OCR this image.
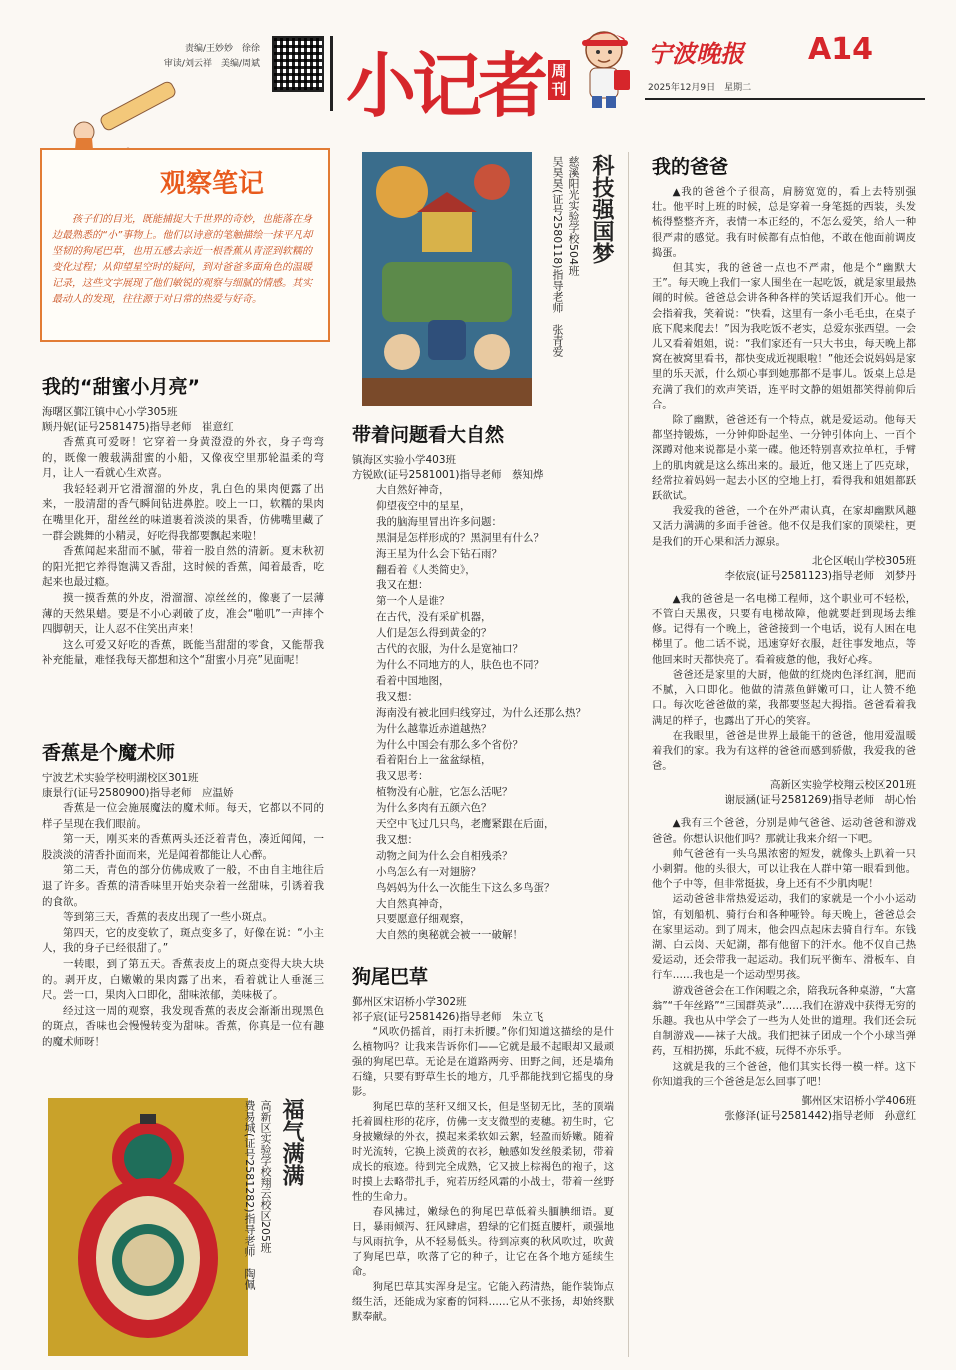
责编/王妙妙　徐徐
审读/刘云祥　美编/周斌 小记者 周刊
宁波晚报 A14
2025年12月9日　星期二
观察笔记
孩子们的目光，既能捕捉大千世界的奇妙，也能落在身边最熟悉的“小”事物上。他们以诗意的笔触描绘一抹平凡却坚韧的狗尾巴草，也用五感去亲近一根香蕉从青涩到软糯的变化过程；从仰望星空时的疑问，到对爸爸多面角色的温暖记录，这些文字展现了他们敏锐的观察与细腻的情感。其实最动人的发现，往往源于对日常的热爱与好奇。
我的“甜蜜小月亮”
海曙区鄞江镇中心小学305班
顾丹妮(证号2581475)指导老师　崔意红

香蕉真可爱呀！它穿着一身黄澄澄的外衣，身子弯弯的，既像一艘载满甜蜜的小船，又像夜空里那轮温柔的弯月，让人一看就心生欢喜。

我轻轻剥开它滑溜溜的外皮，乳白色的果肉便露了出来，一股清甜的香气瞬间钻进鼻腔。咬上一口，软糯的果肉在嘴里化开，甜丝丝的味道裹着淡淡的果香，仿佛嘴里藏了一群会跳舞的小精灵，好吃得我都要飘起来啦！

香蕉闻起来甜而不腻，带着一股自然的清新。夏末秋初的阳光把它养得饱满又香甜，这时候的香蕉，闻着最香，吃起来也最过瘾。

摸一摸香蕉的外皮，滑溜溜、凉丝丝的，像裹了一层薄薄的天然果蜡。要是不小心剥破了皮，准会“啪叽”一声摔个四脚朝天，让人忍不住笑出声来！

这么可爱又好吃的香蕉，既能当甜甜的零食，又能帮我补充能量，难怪我每天都想和这个“甜蜜小月亮”见面呢！

香蕉是个魔术师
宁波艺术实验学校明湖校区301班
康景行(证号2580900)指导老师　应温娇

香蕉是一位会施展魔法的魔术师。每天，它都以不同的样子呈现在我们眼前。

第一天，刚买来的香蕉两头还泛着青色，凑近闻闻，一股淡淡的清香扑面而来，光是闻着都能让人心醉。

第二天，青色的部分仿佛成败了一般，不由自主地往后退了许多。香蕉的清香味里开始夹杂着一丝甜味，引诱着我的食欲。

等到第三天，香蕉的表皮出现了一些小斑点。

第四天，它的皮变软了，斑点变多了，好像在说：“小主人，我的身子已经很甜了。”

一转眼，到了第五天。香蕉表皮上的斑点变得大块大块的。剥开皮，白嫩嫩的果肉露了出来，看着就让人垂涎三尺。尝一口，果肉入口即化，甜味浓郁，美味极了。

经过这一周的观察，我发现香蕉的表皮会渐渐出现黑色的斑点，香味也会慢慢转变为甜味。香蕉，你真是一位有趣的魔术师呀！

福气满满
高新区实验学校翔云校区205班
费易城(证号2581282)指导老师　陶佩
科技强国梦
慈溪阳光实验学校504班
吴昊昊(证号2580118)指导老师　张青爱
带着问题看大自然
镇海区实验小学403班
方锐欧(证号2581001)指导老师　蔡知烨
大自然好神奇，
仰望夜空中的星星，
我的脑海里冒出许多问题：
黑洞是怎样形成的？黑洞里有什么？
海王星为什么会下钻石雨？
翻看着《人类简史》，
我又在想：
第一个人是谁？
在古代，没有采矿机器，
人们是怎么得到黄金的？
古代的衣服，为什么是宽袖口？
为什么不同地方的人，肤色也不同？
看着中国地图，
我又想：
海南没有被北回归线穿过，为什么还那么热？
为什么越靠近赤道越热？
为什么中国会有那么多个省份？
看着阳台上一盆盆绿植，
我又思考：
植物没有心脏，它怎么活呢？
为什么多肉有五颜六色？
天空中飞过几只鸟，老鹰紧跟在后面，
我又想：
动物之间为什么会自相残杀？
小鸟怎么有一对翅膀？
鸟妈妈为什么一次能生下这么多鸟蛋？
大自然真神奇，
只要愿意仔细观察，
大自然的奥秘就会被一一破解！
狗尾巴草
鄞州区宋诏桥小学302班
祁子宸(证号2581426)指导老师　朱立飞

“风吹仍摇首，雨打未折腰。”你们知道这描绘的是什么植物吗？让我来告诉你们——它就是最不起眼却又最顽强的狗尾巴草。无论是在道路两旁、田野之间，还是墙角石缝，只要有野草生长的地方，几乎都能找到它摇曳的身影。

狗尾巴草的茎秆又细又长，但是坚韧无比，茎的顶端托着圆柱形的花序，仿佛一支支微型的麦穗。初生时，它身披嫩绿的外衣，摸起来柔软如云絮，轻盈而娇嫩。随着时光流转，它换上淡黄的衣衫，触感如发丝般柔韧，带着成长的痕迹。待到完全成熟，它又披上棕褐色的袍子，这时摸上去略带扎手，宛若历经风霜的小战士，带着一丝野性的生命力。

春风拂过，嫩绿色的狗尾巴草低着头腼腆细语。夏日，暴雨倾泻、狂风肆虐，碧绿的它们挺直腰杆，顽强地与风雨抗争，从不轻易低头。待到凉爽的秋风吹过，吹黄了狗尾巴草，吹落了它的种子，让它在各个地方延续生命。

狗尾巴草其实浑身是宝。它能入药清热，能作装饰点缀生活，还能成为家畜的饲料……它从不张扬，却始终默默奉献。

我的爸爸

▲我的爸爸个子很高，肩膀宽宽的，看上去特别强壮。他平时上班的时候，总是穿着一身笔挺的西装，头发梳得整整齐齐，表情一本正经的，不怎么爱笑，给人一种很严肃的感觉。我有时候都有点怕他，不敢在他面前调皮捣蛋。

但其实，我的爸爸一点也不严肃，他是个“幽默大王”。每天晚上我们一家人围坐在一起吃饭，就是家里最热闹的时候。爸爸总会讲各种各样的笑话逗我们开心。他一会指着我，笑着说：“快看，这里有一条小毛毛虫，在桌子底下爬来爬去！”因为我吃饭不老实，总爱东张西望。一会儿又看着姐姐，说：“我们家还有一只大书虫，每天晚上都窝在被窝里看书，都快变成近视眼啦！”他还会说妈妈是家里的乐天派，什么烦心事到她那都不是事儿。饭桌上总是充满了我们的欢声笑语，连平时文静的姐姐都笑得前仰后合。

除了幽默，爸爸还有一个特点，就是爱运动。他每天都坚持锻炼，一分钟仰卧起坐、一分钟引体向上、一百个深蹲对他来说都是小菜一碟。他还特别喜欢拉单杠，手臂上的肌肉就是这么练出来的。最近，他又迷上了匹克球，经常拉着妈妈一起去小区的空地上打，看得我和姐姐都跃跃欲试。

我爱我的爸爸，一个在外严肃认真，在家却幽默风趣又活力满满的多面手爸爸。他不仅是我们家的顶梁柱，更是我们的开心果和活力源泉。

北仑区岷山学校305班
李依宸(证号2581123)指导老师　刘梦丹

▲我的爸爸是一名电梯工程师，这个职业可不轻松，不管白天黑夜，只要有电梯故障，他就要赶到现场去维修。记得有一个晚上，爸爸接到一个电话，说有人困在电梯里了。他二话不说，迅速穿好衣服，赶往事发地点，等他回来时天都快亮了。看着疲惫的他，我好心疼。

爸爸还是家里的大厨，他做的红烧肉色泽红润，肥而不腻，入口即化。他做的清蒸鱼鲜嫩可口，让人赞不绝口。每次吃爸爸做的菜，我都要竖起大拇指。爸爸看着我满足的样子，也露出了开心的笑容。

在我眼里，爸爸是世界上最能干的爸爸，他用爱温暖着我们的家。我为有这样的爸爸而感到骄傲，我爱我的爸爸。

高新区实验学校翔云校区201班
谢辰涵(证号2581269)指导老师　胡心怡

▲我有三个爸爸，分别是帅气爸爸、运动爸爸和游戏爸爸。你想认识他们吗？那就让我来介绍一下吧。

帅气爸爸有一头乌黑浓密的短发，就像头上趴着一只小刺猬。他的头很大，可以让我在人群中第一眼看到他。他个子中等，但非常挺拔，身上还有不少肌肉呢！

运动爸爸非常热爱运动，我们的家就是一个小小运动馆，有划船机、骑行台和各种哑铃。每天晚上，爸爸总会在家里运动。到了周末，他会四点起床去骑自行车。东钱湖、白云岗、天妃湖，都有他留下的汗水。他不仅自己热爱运动，还会带我一起运动。我们玩平衡车、滑板车、自行车……我也是一个运动型男孩。

游戏爸爸会在工作闲暇之余，陪我玩各种桌游，“大富翁”“千年丝路”“三国群英录”……我们在游戏中获得无穷的乐趣。我也从中学会了一些为人处世的道理。我们还会玩自制游戏——袜子大战。我们把袜子团成一个个小球当弹药，互相扔掷，乐此不疲，玩得不亦乐乎。

这就是我的三个爸爸，他们其实长得一模一样。这下你知道我的三个爸爸是怎么回事了吧！

鄞州区宋诏桥小学406班
张修泽(证号2581442)指导老师　孙意红
